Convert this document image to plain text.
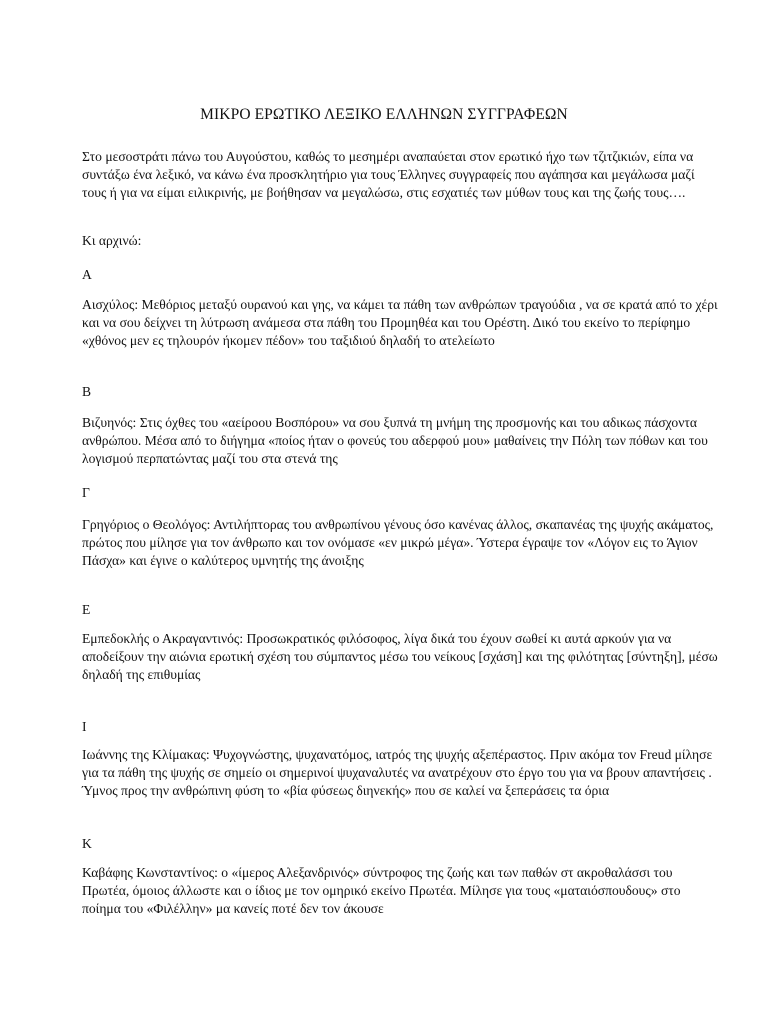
ΜΙΚΡΟ ΕΡΩΤΙΚΟ ΛΕΞΙΚΟ ΕΛΛΗΝΩΝ ΣΥΓΓΡΑΦΕΩΝ
Στο μεσοστράτι πάνω του Αυγούστου, καθώς το μεσημέρι αναπαύεται στον ερωτικό ήχο των τζιτζικιών, είπα να συντάξω ένα λεξικό, να κάνω ένα προσκλητήριο για τους Έλληνες συγγραφείς που αγάπησα και μεγάλωσα μαζί τους ή για να είμαι ειλικρινής, με βοήθησαν να μεγαλώσω, στις εσχατιές των μύθων τους και της ζωής τους….
Κι αρχινώ:
Α
Αισχύλος: Μεθόριος μεταξύ ουρανού και γης, να κάμει τα πάθη των ανθρώπων τραγούδια , να σε κρατά από το χέρι και να σου δείχνει τη λύτρωση ανάμεσα στα πάθη του Προμηθέα και του Ορέστη. Δικό του εκείνο το περίφημο «χθόνος μεν ες τηλουρόν ήκομεν πέδον» του ταξιδιού δηλαδή το ατελείωτο
Β
Βιζυηνός: Στις όχθες του «αείροου Βοσπόρου» να σου ξυπνά τη μνήμη της προσμονής και του αδικως πάσχοντα ανθρώπου. Μέσα από το διήγημα «ποίος ήταν ο φονεύς του αδερφού μου» μαθαίνεις την Πόλη των πόθων και του λογισμού περπατώντας μαζί του στα στενά της
Γ
Γρηγόριος ο Θεολόγος: Αντιλήπτορας του ανθρωπίνου γένους όσο κανένας άλλος, σκαπανέας της ψυχής ακάματος, πρώτος που μίλησε για τον άνθρωπο και τον ονόμασε «εν μικρώ μέγα». Ύστερα έγραψε τον «Λόγον εις το Άγιον Πάσχα» και έγινε ο καλύτερος υμνητής της άνοιξης
Ε
Εμπεδοκλής ο Ακραγαντινός: Προσωκρατικός φιλόσοφος, λίγα δικά του έχουν σωθεί κι αυτά αρκούν για να αποδείξουν την αιώνια ερωτική σχέση του σύμπαντος μέσω του νείκους [σχάση] και της φιλότητας [σύντηξη], μέσω δηλαδή της επιθυμίας
Ι
Ιωάννης της Κλίμακας: Ψυχογνώστης, ψυχανατόμος, ιατρός της ψυχής αξεπέραστος. Πριν ακόμα τον Freud μίλησε για τα πάθη της ψυχής σε σημείο οι σημερινοί ψυχαναλυτές να ανατρέχουν στο έργο του για να βρουν απαντήσεις . Ύμνος προς την ανθρώπινη φύση το «βία φύσεως διηνεκής» που σε καλεί να ξεπεράσεις τα όρια
Κ
Καβάφης Κωνσταντίνος: ο «ίμερος Αλεξανδρινός» σύντροφος της ζωής και των παθών στ ακροθαλάσσι του Πρωτέα, όμοιος άλλωστε και ο ίδιος με τον ομηρικό εκείνο Πρωτέα. Μίλησε για τους «ματαιόσπουδους» στο ποίημα του «Φιλέλλην» μα κανείς ποτέ δεν τον άκουσε
